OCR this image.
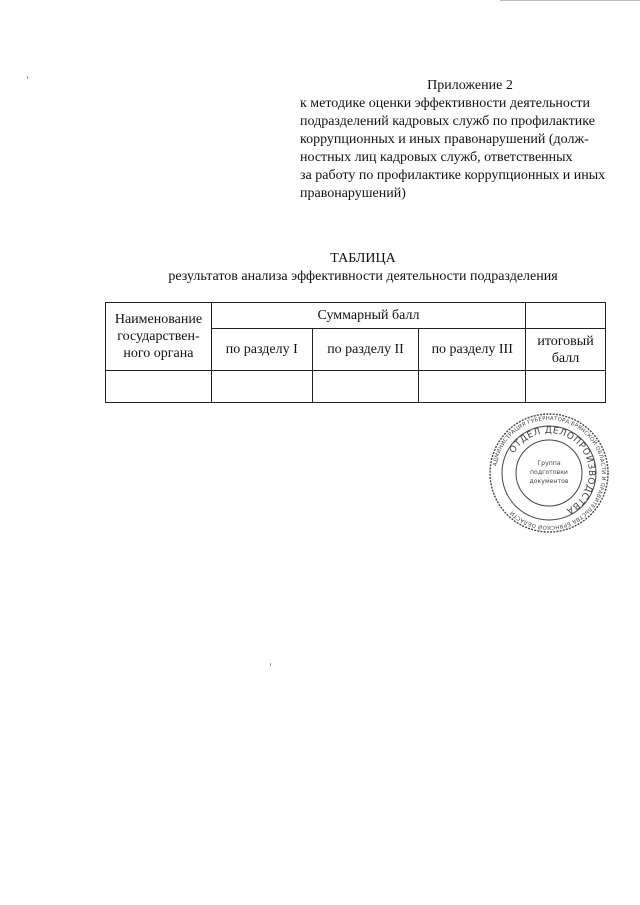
Приложение 2
к методике оценки эффективности деятельности
подразделений кадровых служб по профилактике
коррупционных и иных правонарушений (долж-
ностных лиц кадровых служб, ответственных
за работу по профилактике коррупционных и иных
правонарушений)
ТАБЛИЦА
результатов анализа эффективности деятельности подразделения
Наименование
государствен-
ного органа	Суммарный балл			
	по разделу I	по разделу II	по разделу III	итоговый
балл

АДМИНИСТРАЦИЯ ГУБЕРНАТОРА БРЯНСКОЙ ОБЛАСТИ И ПРАВИТЕЛЬСТВА БРЯНСКОЙ ОБЛАСТИ
ОТДЕЛ ДЕЛОПРОИЗВОДСТВА
Группа
подготовки
документов
